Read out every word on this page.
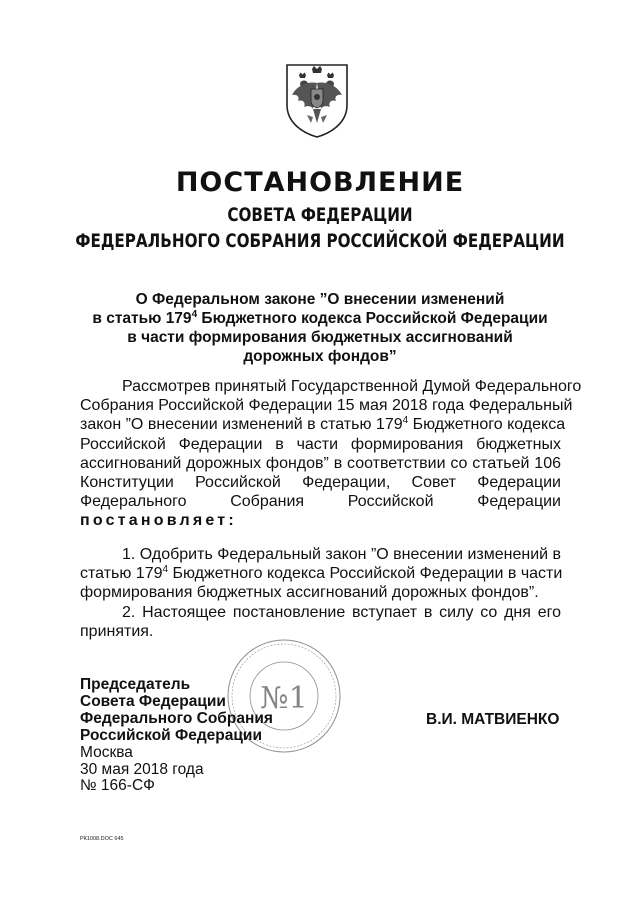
ПОСТАНОВЛЕНИЕ
СОВЕТА ФЕДЕРАЦИИ
ФЕДЕРАЛЬНОГО СОБРАНИЯ РОССИЙСКОЙ ФЕДЕРАЦИИ
О Федеральном законе ”О внесении изменений
в статью $179^4$ Бюджетного кодекса Российской Федерации
в части формирования бюджетных ассигнований
дорожных фондов”
Рассмотрев принятый Государственной Думой Федерального
Собрания Российской Федерации 15 мая 2018 года Федеральный
закон ”О внесении изменений в статью $179^4$ Бюджетного кодекса
Российской Федерации в части формирования бюджетных
ассигнований дорожных фондов” в соответствии со статьей 106
Конституции Российской Федерации, Совет Федерации
Федерального Собрания Российской Федерации
постановляет:
1. Одобрить Федеральный закон ”О внесении изменений в
статью $179^4$ Бюджетного кодекса Российской Федерации в части
формирования бюджетных ассигнований дорожных фондов”.
2. Настоящее постановление вступает в силу со дня его
принятия.
№1
Председатель
Совета Федерации
Федерального Собрания
Российской Федерации
В.И. МАТВИЕНКО
Москва
30 мая 2018 года
№ 166-СФ
РК1008.DOC 645
